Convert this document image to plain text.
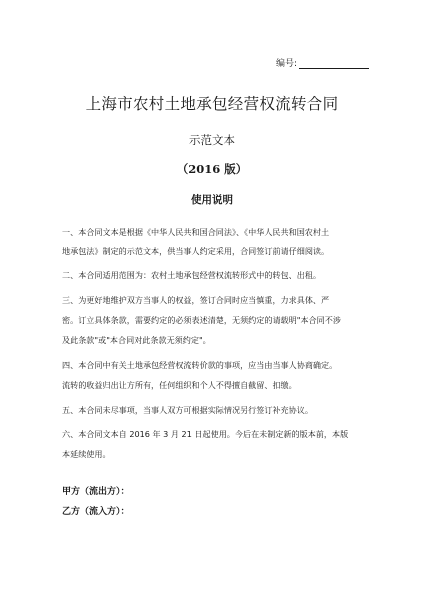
编号:
上海市农村土地承包经营权流转合同
示范文本
（2016 版）
使用说明
一、本合同文本是根据《中华人民共和国合同法》、《中华人民共和国农村土
地承包法》制定的示范文本，供当事人约定采用，合同签订前请仔细阅读。
二、本合同适用范围为：农村土地承包经营权流转形式中的转包、出租。
三、为更好地维护双方当事人的权益，签订合同时应当慎重，力求具体、严
密。订立具体条款，需要约定的必须表述清楚，无须约定的请载明"本合同不涉
及此条款"或"本合同对此条款无须约定"。
四、本合同中有关土地承包经营权流转价款的事项，应当由当事人协商确定。
流转的收益归出让方所有，任何组织和个人不得擅自截留、扣缴。
五、本合同未尽事项，当事人双方可根据实际情况另行签订补充协议。
六、本合同文本自 2016 年 3 月 21 日起使用。今后在未制定新的版本前，本版
本延续使用。
甲方（流出方）：
乙方（流入方）：
